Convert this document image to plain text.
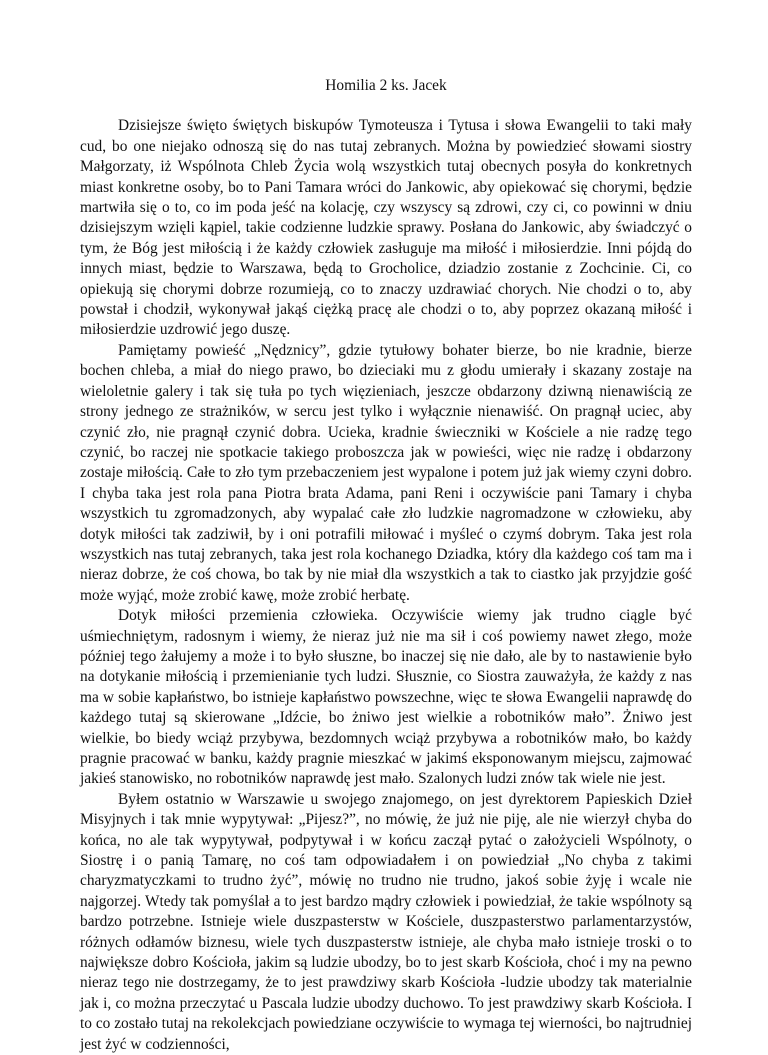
Homilia 2 ks. Jacek

Dzisiejsze święto świętych biskupów Tymoteusza i Tytusa i słowa Ewangelii to taki mały cud, bo one niejako odnoszą się do nas tutaj zebranych. Można by powiedzieć słowami siostry Małgorzaty, iż Wspólnota Chleb Życia wolą wszystkich tutaj obecnych posyła do konkretnych miast konkretne osoby, bo to Pani Tamara wróci do Jankowic, aby opiekować się chorymi, będzie martwiła się o to, co im poda jeść na kolację, czy wszyscy są zdrowi, czy ci, co powinni w dniu dzisiejszym wzięli kąpiel, takie codzienne ludzkie sprawy. Posłana do Jankowic, aby świadczyć o tym, że Bóg jest miłością i że każdy człowiek zasługuje ma miłość i miłosierdzie. Inni pójdą do innych miast, będzie to Warszawa, będą to Grocholice, dziadzio zostanie z Zochcinie. Ci, co opiekują się chorymi dobrze rozumieją, co to znaczy uzdrawiać chorych. Nie chodzi o to, aby powstał i chodził, wykonywał jakąś ciężką pracę ale chodzi o to, aby poprzez okazaną miłość i miłosierdzie uzdrowić jego duszę.

Pamiętamy powieść „Nędznicy”, gdzie tytułowy bohater bierze, bo nie kradnie, bierze bochen chleba, a miał do niego prawo, bo dzieciaki mu z głodu umierały i skazany zostaje na wieloletnie galery i tak się tuła po tych więzieniach, jeszcze obdarzony dziwną nienawiścią ze strony jednego ze strażników, w sercu jest tylko i wyłącznie nienawiść. On pragnął uciec, aby czynić zło, nie pragnął czynić dobra. Ucieka, kradnie świeczniki w Kościele a nie radzę tego czynić, bo raczej nie spotkacie takiego proboszcza jak w powieści, więc nie radzę i obdarzony zostaje miłością. Całe to zło tym przebaczeniem jest wypalone i potem już jak wiemy czyni dobro. I chyba taka jest rola pana Piotra brata Adama, pani Reni i oczywiście pani Tamary i chyba wszystkich tu zgromadzonych, aby wypalać całe zło ludzkie nagromadzone w człowieku, aby dotyk miłości tak zadziwił, by i oni potrafili miłować i myśleć o czymś dobrym. Taka jest rola wszystkich nas tutaj zebranych, taka jest rola kochanego Dziadka, który dla każdego coś tam ma i nieraz dobrze, że coś chowa, bo tak by nie miał dla wszystkich a tak to ciastko jak przyjdzie gość może wyjąć, może zrobić kawę, może zrobić herbatę.

Dotyk miłości przemienia człowieka. Oczywiście wiemy jak trudno ciągle być uśmiechniętym, radosnym i wiemy, że nieraz już nie ma sił i coś powiemy nawet złego, może później tego żałujemy a może i to było słuszne, bo inaczej się nie dało, ale by to nastawienie było na dotykanie miłością i przemienianie tych ludzi. Słusznie, co Siostra zauważyła, że każdy z nas ma w sobie kapłaństwo, bo istnieje kapłaństwo powszechne, więc te słowa Ewangelii naprawdę do każdego tutaj są skierowane „Idźcie, bo żniwo jest wielkie a robotników mało”. Żniwo jest wielkie, bo biedy wciąż przybywa, bezdomnych wciąż przybywa a robotników mało, bo każdy pragnie pracować w banku, każdy pragnie mieszkać w jakimś eksponowanym miejscu, zajmować jakieś stanowisko, no robotników naprawdę jest mało. Szalonych ludzi znów tak wiele nie jest.

Byłem ostatnio w Warszawie u swojego znajomego, on jest dyrektorem Papieskich Dzieł Misyjnych i tak mnie wypytywał: „Pijesz?”, no mówię, że już nie piję, ale nie wierzył chyba do końca, no ale tak wypytywał, podpytywał i w końcu zaczął pytać o założycieli Wspólnoty, o Siostrę i o panią Tamarę, no coś tam odpowiadałem i on powiedział „No chyba z takimi charyzmatyczkami to trudno żyć”, mówię no trudno nie trudno, jakoś sobie żyję i wcale nie najgorzej. Wtedy tak pomyślał a to jest bardzo mądry człowiek i powiedział, że takie wspólnoty są bardzo potrzebne. Istnieje wiele duszpasterstw w Kościele, duszpasterstwo parlamentarzystów, różnych odłamów biznesu, wiele tych duszpasterstw istnieje, ale chyba mało istnieje troski o to największe dobro Kościoła, jakim są ludzie ubodzy, bo to jest skarb Kościoła, choć i my na pewno nieraz tego nie dostrzegamy, że to jest prawdziwy skarb Kościoła -ludzie ubodzy tak materialnie jak i, co można przeczytać u Pascala ludzie ubodzy duchowo. To jest prawdziwy skarb Kościoła. I to co zostało tutaj na rekolekcjach powiedziane oczywiście to wymaga tej wierności, bo najtrudniej jest żyć w codzienności,
